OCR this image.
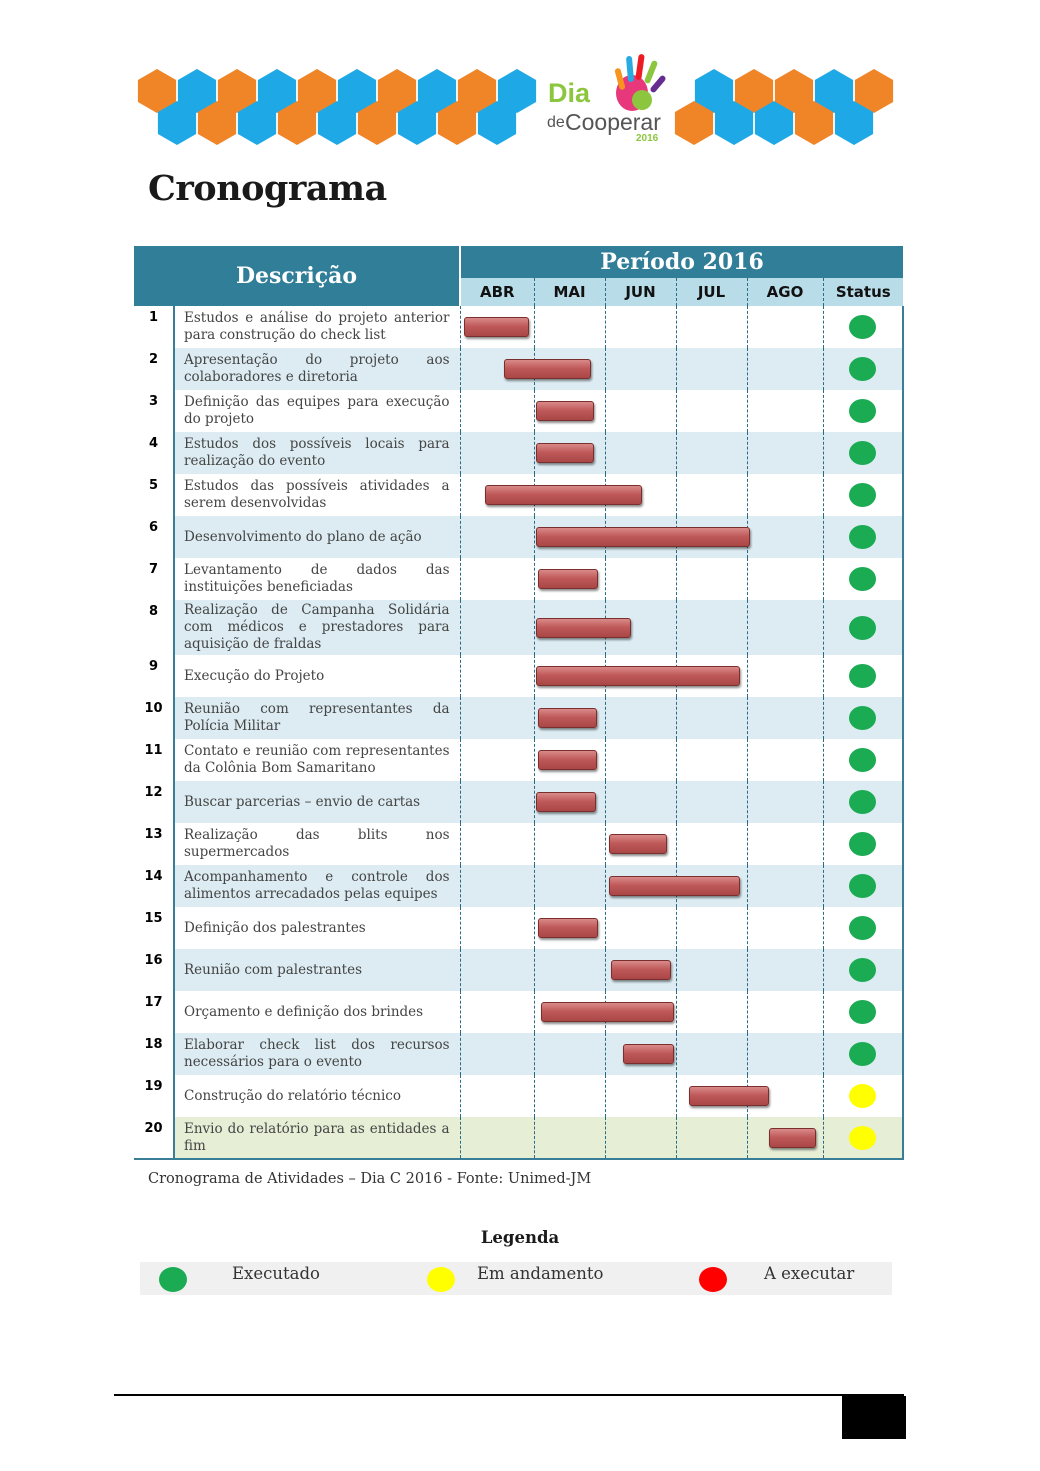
Dia
de Cooperar
2016
Cronograma
Descrição		Período 2016					
		ABR	MAI	JUN	JUL	AGO	Status
1	Estudos e análise do projeto anterior para construção do check list						
2	Apresentação do projeto aos colaboradores e diretoria						
3	Definição das equipes para execução do projeto						
4	Estudos dos possíveis locais para realização do evento						
5	Estudos das possíveis atividades a serem desenvolvidas						
6	Desenvolvimento do plano de ação						
7	Levantamento de dados das instituições beneficiadas						
8	Realização de Campanha Solidária com médicos e prestadores para aquisição de fraldas						
9	Execução do Projeto						
10	Reunião com representantes da Polícia Militar						
11	Contato e reunião com representantes da Colônia Bom Samaritano						
12	Buscar parcerias – envio de cartas						
13	Realização das blits nos supermercados						
14	Acompanhamento e controle dos alimentos arrecadados pelas equipes						
15	Definição dos palestrantes						
16	Reunião com palestrantes						
17	Orçamento e definição dos brindes						
18	Elaborar check list dos recursos necessários para o evento						
19	Construção do relatório técnico						
20	Envio do relatório para as entidades a fim						

Cronograma de Atividades – Dia C 2016 - Fonte: Unimed-JM

Legenda
Executado	Em andamento	A executar
